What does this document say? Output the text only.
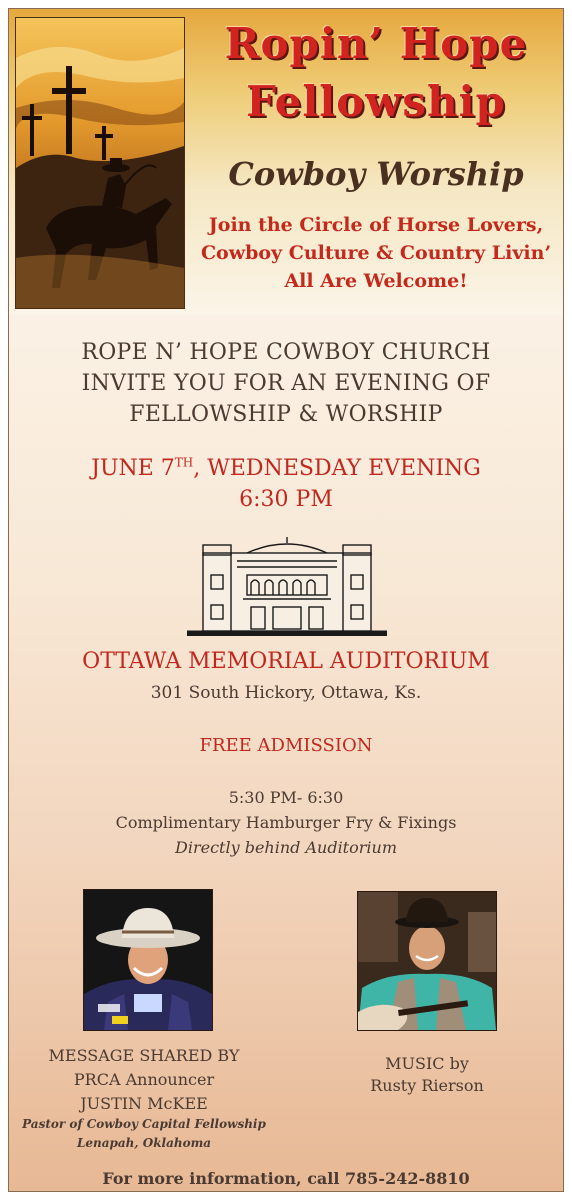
Ropin’ Hope
Fellowship
Cowboy Worship
Join the Circle of Horse Lovers,
Cowboy Culture & Country Livin’
All Are Welcome!
ROPE N’ HOPE COWBOY CHURCH
INVITE YOU FOR AN EVENING OF
FELLOWSHIP & WORSHIP
JUNE 7TH, WEDNESDAY EVENING
6:30 PM
OTTAWA MEMORIAL AUDITORIUM
301 South Hickory, Ottawa, Ks.
FREE ADMISSION
5:30 PM- 6:30
Complimentary Hamburger Fry & Fixings
Directly behind Auditorium
MESSAGE SHARED BY
PRCA Announcer
JUSTIN McKEE
Pastor of Cowboy Capital Fellowship
Lenapah, Oklahoma
MUSIC by
Rusty Rierson
For more information, call 785-242-8810
